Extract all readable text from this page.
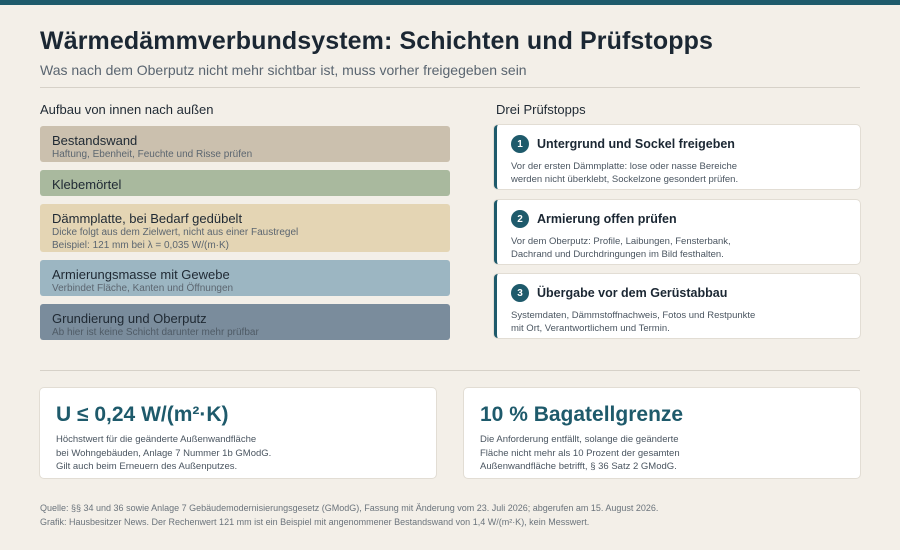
Wärmedämmverbundsystem: Schichten und Prüfstopps
Was nach dem Oberputz nicht mehr sichtbar ist, muss vorher freigegeben sein
Aufbau von innen nach außen	Drei Prüfstopps
Bestandswand
Haftung, Ebenheit, Feuchte und Risse prüfen
Klebemörtel
Dämmplatte, bei Bedarf gedübelt
Dicke folgt aus dem Zielwert, nicht aus einer Faustregel
Beispiel: 121 mm bei λ = 0,035 W/(m·K)
Armierungsmasse mit Gewebe
Verbindet Fläche, Kanten und Öffnungen
Grundierung und Oberputz
Ab hier ist keine Schicht darunter mehr prüfbar
1	Untergrund und Sockel freigeben
Vor der ersten Dämmplatte: lose oder nasse Bereiche
werden nicht überklebt, Sockelzone gesondert prüfen.
2	Armierung offen prüfen
Vor dem Oberputz: Profile, Laibungen, Fensterbank,
Dachrand und Durchdringungen im Bild festhalten.
3	Übergabe vor dem Gerüstabbau
Systemdaten, Dämmstoffnachweis, Fotos und Restpunkte
mit Ort, Verantwortlichem und Termin.
U ≤ 0,24 W/(m²·K)
Höchstwert für die geänderte Außenwandfläche
bei Wohngebäuden, Anlage 7 Nummer 1b GModG.
Gilt auch beim Erneuern des Außenputzes.
10 % Bagatellgrenze
Die Anforderung entfällt, solange die geänderte
Fläche nicht mehr als 10 Prozent der gesamten
Außenwandfläche betrifft, § 36 Satz 2 GModG.
Quelle: §§ 34 und 36 sowie Anlage 7 Gebäudemodernisierungsgesetz (GModG), Fassung mit Änderung vom 23. Juli 2026; abgerufen am 15. August 2026.
Grafik: Hausbesitzer News. Der Rechenwert 121 mm ist ein Beispiel mit angenommener Bestandswand von 1,4 W/(m²·K), kein Messwert.
